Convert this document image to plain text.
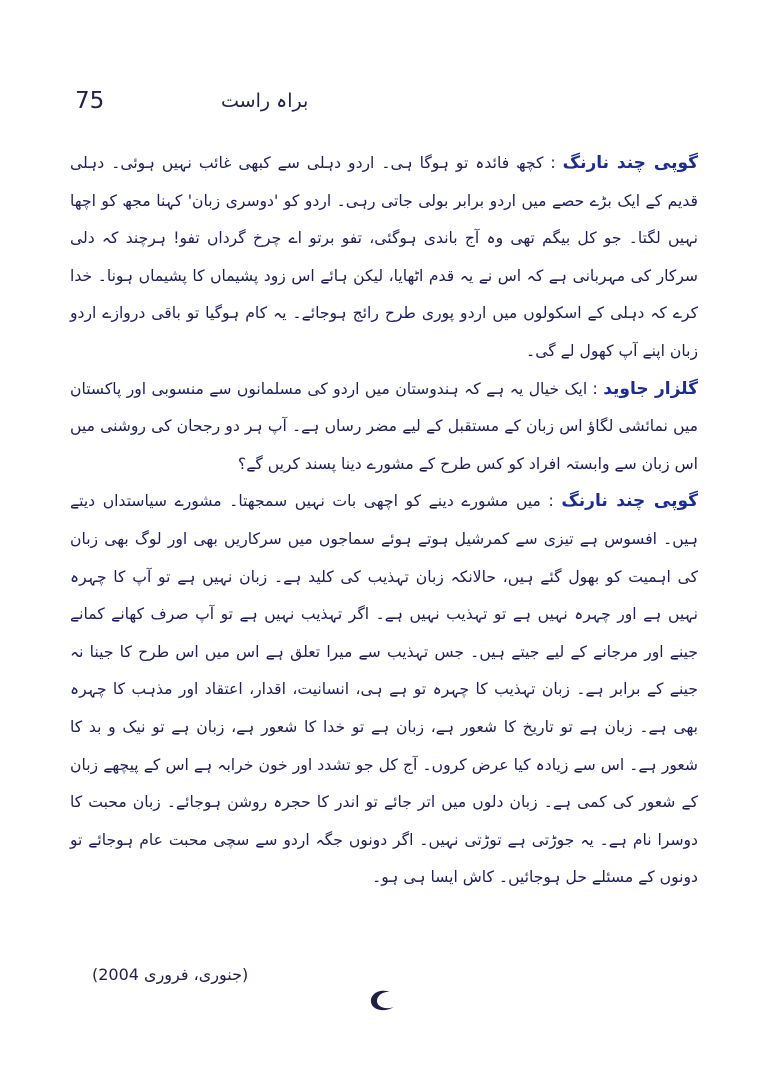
75	براہ راست

گوپی چند نارنگ : کچھ فائدہ تو ہوگا ہی۔ اردو دہلی سے کبھی غائب نہیں ہوئی۔ دہلی قدیم کے ایک بڑے حصے میں اردو برابر بولی جاتی رہی۔ اردو کو 'دوسری زبان' کہنا مجھ کو اچھا نہیں لگتا۔ جو کل بیگم تھی وہ آج باندی ہوگئی، تفو برتو اے چرخ گرداں تفو! ہرچند کہ دلی سرکار کی مہربانی ہے کہ اس نے یہ قدم اٹھایا، لیکن ہائے اس زود پشیماں کا پشیماں ہونا۔ خدا کرے کہ دہلی کے اسکولوں میں اردو پوری طرح رائج ہوجائے۔ یہ کام ہوگیا تو باقی دروازے اردو زبان اپنے آپ کھول لے گی۔

گلزار جاوید : ایک خیال یہ ہے کہ ہندوستان میں اردو کی مسلمانوں سے منسوبی اور پاکستان میں نمائشی لگاؤ اس زبان کے مستقبل کے لیے مضر رساں ہے۔ آپ ہر دو رجحان کی روشنی میں اس زبان سے وابستہ افراد کو کس طرح کے مشورے دینا پسند کریں گے؟

گوپی چند نارنگ : میں مشورے دینے کو اچھی بات نہیں سمجھتا۔ مشورے سیاستداں دیتے ہیں۔ افسوس ہے تیزی سے کمرشیل ہوتے ہوئے سماجوں میں سرکاریں بھی اور لوگ بھی زبان کی اہمیت کو بھول گئے ہیں، حالانکہ زبان تہذیب کی کلید ہے۔ زبان نہیں ہے تو آپ کا چہرہ نہیں ہے اور چہرہ نہیں ہے تو تہذیب نہیں ہے۔ اگر تہذیب نہیں ہے تو آپ صرف کھانے کمانے جینے اور مرجانے کے لیے جیتے ہیں۔ جس تہذیب سے میرا تعلق ہے اس میں اس طرح کا جینا نہ جینے کے برابر ہے۔ زبان تہذیب کا چہرہ تو ہے ہی، انسانیت، اقدار، اعتقاد اور مذہب کا چہرہ بھی ہے۔ زبان ہے تو تاریخ کا شعور ہے، زبان ہے تو خدا کا شعور ہے، زبان ہے تو نیک و بد کا شعور ہے۔ اس سے زیادہ کیا عرض کروں۔ آج کل جو تشدد اور خون خرابہ ہے اس کے پیچھے زبان کے شعور کی کمی ہے۔ زبان دلوں میں اتر جائے تو اندر کا حجرہ روشن ہوجائے۔ زبان محبت کا دوسرا نام ہے۔ یہ جوڑتی ہے توڑتی نہیں۔ اگر دونوں جگہ اردو سے سچی محبت عام ہوجائے تو دونوں کے مسئلے حل ہوجائیں۔ کاش ایسا ہی ہو۔

(جنوری، فروری 2004)
